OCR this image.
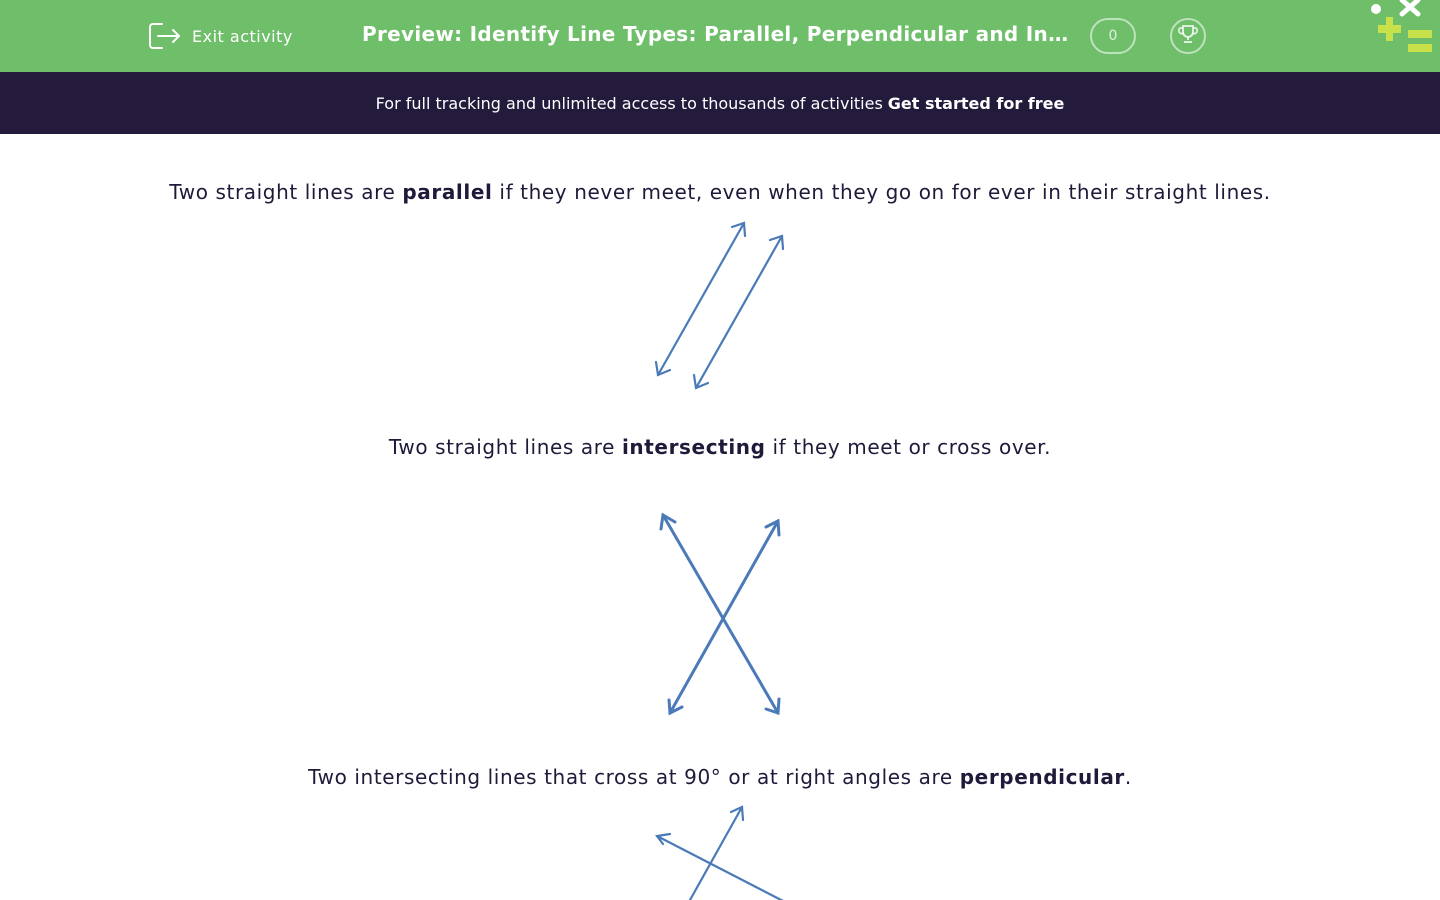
Exit activity	Preview: Identify Line Types: Parallel, Perpendicular and In…	0
For full tracking and unlimited access to thousands of activities Get started for free

Two straight lines are parallel if they never meet, even when they go on for ever in their straight lines.

Two straight lines are intersecting if they meet or cross over.

Two intersecting lines that cross at 90° or at right angles are perpendicular.
